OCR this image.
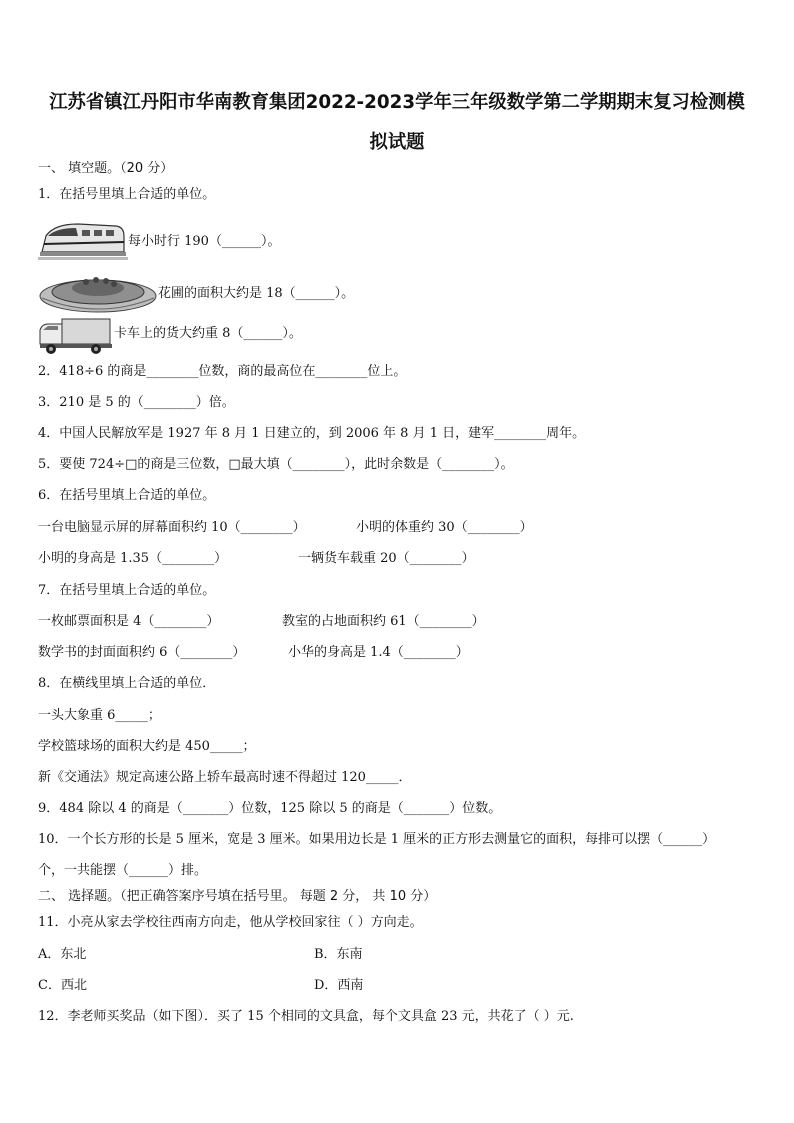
江苏省镇江丹阳市华南教育集团2022-2023学年三年级数学第二学期期末复习检测模
拟试题
一、 填空题。（20 分）
1．在括号里填上合适的单位。
每小时行 190（______）。
花圃的面积大约是 18（______）。
卡车上的货大约重 8（______）。
2．418÷6 的商是________位数，商的最高位在________位上。
3．210 是 5 的（________）倍。
4．中国人民解放军是 1927 年 8 月 1 日建立的，到 2006 年 8 月 1 日，建军________周年。
5．要使 724÷□的商是三位数，□最大填（________），此时余数是（________）。
6．在括号里填上合适的单位。
一台电脑显示屏的屏幕面积约 10（________）	小明的体重约 30（________）
小明的身高是 1.35（________）	一辆货车载重 20（________）
7．在括号里填上合适的单位。
一枚邮票面积是 4（________）	教室的占地面积约 61（________）
数学书的封面面积约 6（________）	小华的身高是 1.4（________）
8．在横线里填上合适的单位．
一头大象重 6_____；
学校篮球场的面积大约是 450_____；
新《交通法》规定高速公路上轿车最高时速不得超过 120_____．
9．484 除以 4 的商是（_______）位数，125 除以 5 的商是（_______）位数。
10．一个长方形的长是 5 厘米，宽是 3 厘米。如果用边长是 1 厘米的正方形去测量它的面积，每排可以摆（______）
个，一共能摆（______）排。
二、 选择题。（把正确答案序号填在括号里。 每题 2 分， 共 10 分）
11．小亮从家去学校往西南方向走，他从学校回家往（ ）方向走。
A．东北	B．东南
C．西北	D．西南
12．李老师买奖品（如下图）．买了 15 个相同的文具盒，每个文具盒 23 元，共花了（ ）元.
